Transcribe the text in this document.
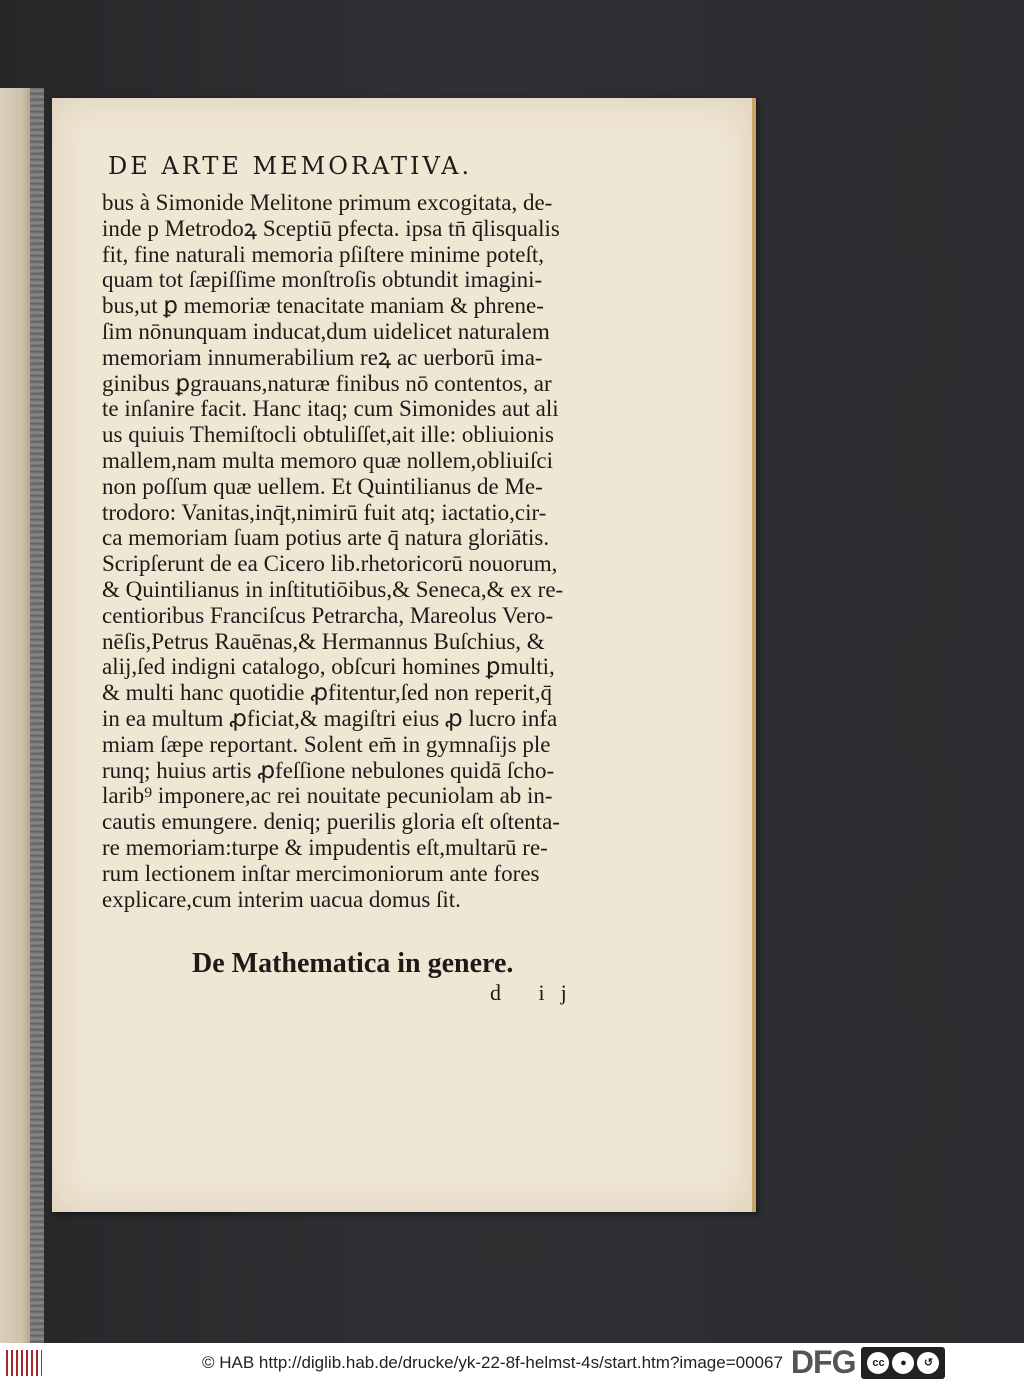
DE ARTE MEMORATIVA.
bus à Simonide Melitone primum excogitata, de-
inde p Metrodoꝝ Sceptiū pfecta. ipsa tn̄ q̄lisqualis
fit, fine naturali memoria pſiſtere minime poteſt,
quam tot ſæpiſſime monſtroſis obtundit imagini-
bus,ut ꝑ memoriæ tenacitate maniam & phrene-
ſim nōnunquam inducat,dum uidelicet naturalem
memoriam innumerabilium reꝝ ac uerborū ima-
ginibus ꝑgrauans,naturæ finibus nō contentos, ar
te inſanire facit. Hanc itaq; cum Simonides aut ali
us quiuis Themiſtocli obtuliſſet,ait ille: obliuionis
mallem,nam multa memoro quæ nollem,obliuiſci
non poſſum quæ uellem. Et Quintilianus de Me-
trodoro: Vanitas,inq̄t,nimirū fuit atq; iactatio,cir-
ca memoriam ſuam potius arte q̄ natura gloriātis.
Scripſerunt de ea Cicero lib.rhetoricorū nouorum,
& Quintilianus in inſtitutiōibus,& Seneca,& ex re-
centioribus Franciſcus Petrarcha, Mareolus Vero-
nēſis,Petrus Rauēnas,& Hermannus Buſchius, &
alij,ſed indigni catalogo, obſcuri homines ꝑmulti,
& multi hanc quotidie ꝓfitentur,ſed non reperit,q̄
in ea multum ꝓficiat,& magiſtri eius ꝓ lucro infa
miam ſæpe reportant. Solent em̄ in gymnaſijs ple
runq; huius artis ꝓfeſſione nebulones quidā ſcho-
larib⁹ imponere,ac rei nouitate pecuniolam ab in-
cautis emungere. deniq; puerilis gloria eſt oſtenta-
re memoriam:turpe & impudentis eſt,multarū re-
rum lectionem inſtar mercimoniorum ante fores
explicare,cum interim uacua domus ſit.
De Mathematica in genere.
d ij
© HAB http://diglib.hab.de/drucke/yk-22-8f-helmst-4s/start.htm?image=00067 DFG	cc	●	↺
